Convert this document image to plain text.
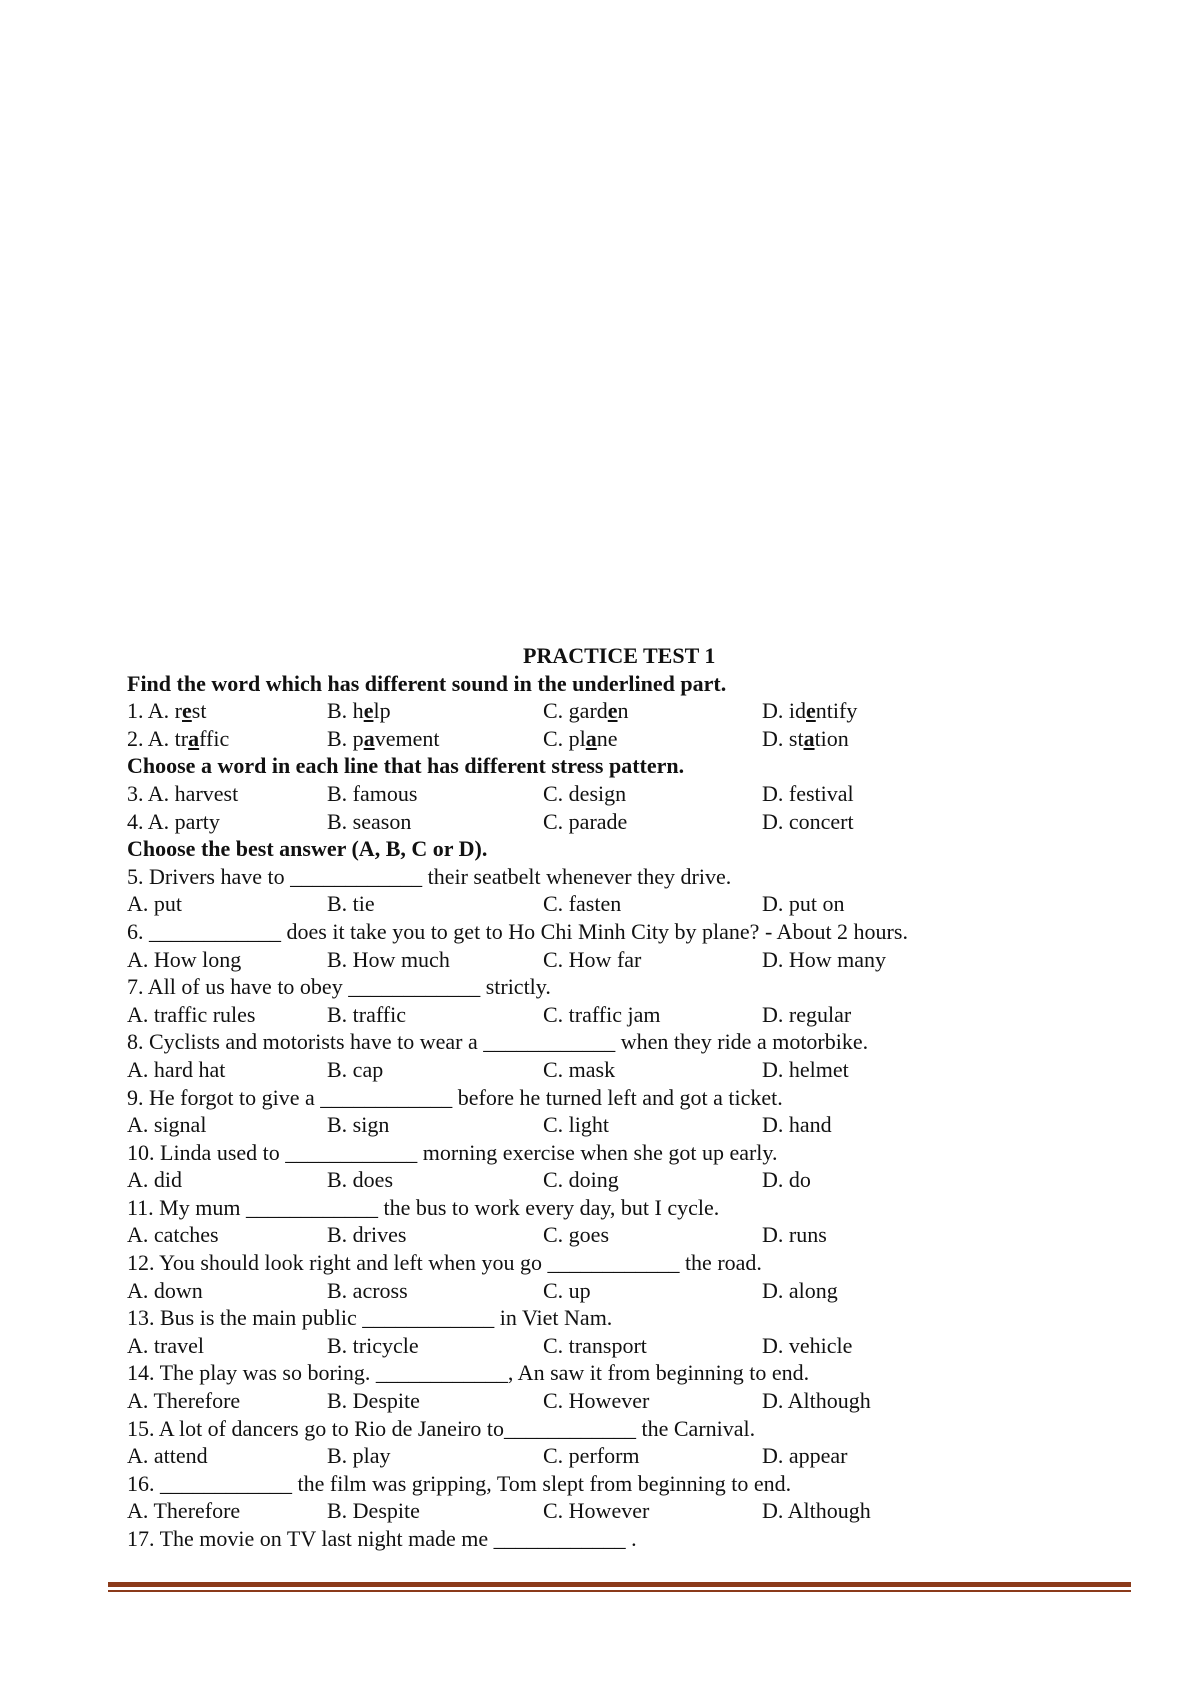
PRACTICE TEST 1
Find the word which has different sound in the underlined part.
1. A. rest	B. help	C. garden	D. identify
2. A. traffic	B. pavement	C. plane	D. station
Choose a word in each line that has different stress pattern.
3. A. harvest	B. famous	C. design	D. festival
4. A. party	B. season	C. parade	D. concert
Choose the best answer (A, B, C or D).
5. Drivers have to ____________ their seatbelt whenever they drive.
A. put	B. tie	C. fasten	D. put on
6. ____________ does it take you to get to Ho Chi Minh City by plane? - About 2 hours.
A. How long	B. How much	C. How far	D. How many
7. All of us have to obey ____________ strictly.
A. traffic rules	B. traffic	C. traffic jam	D. regular
8. Cyclists and motorists have to wear a ____________ when they ride a motorbike.
A. hard hat	B. cap	C. mask	D. helmet
9. He forgot to give a ____________ before he turned left and got a ticket.
A. signal	B. sign	C. light	D. hand
10. Linda used to ____________ morning exercise when she got up early.
A. did	B. does	C. doing	D. do
11. My mum ____________ the bus to work every day, but I cycle.
A. catches	B. drives	C. goes	D. runs
12. You should look right and left when you go ____________ the road.
A. down	B. across	C. up	D. along
13. Bus is the main public ____________ in Viet Nam.
A. travel	B. tricycle	C. transport	D. vehicle
14. The play was so boring. ____________, An saw it from beginning to end.
A. Therefore	B. Despite	C. However	D. Although
15. A lot of dancers go to Rio de Janeiro to____________ the Carnival.
A. attend	B. play	C. perform	D. appear
16. ____________ the film was gripping, Tom slept from beginning to end.
A. Therefore	B. Despite	C. However	D. Although
17. The movie on TV last night made me ____________ .
